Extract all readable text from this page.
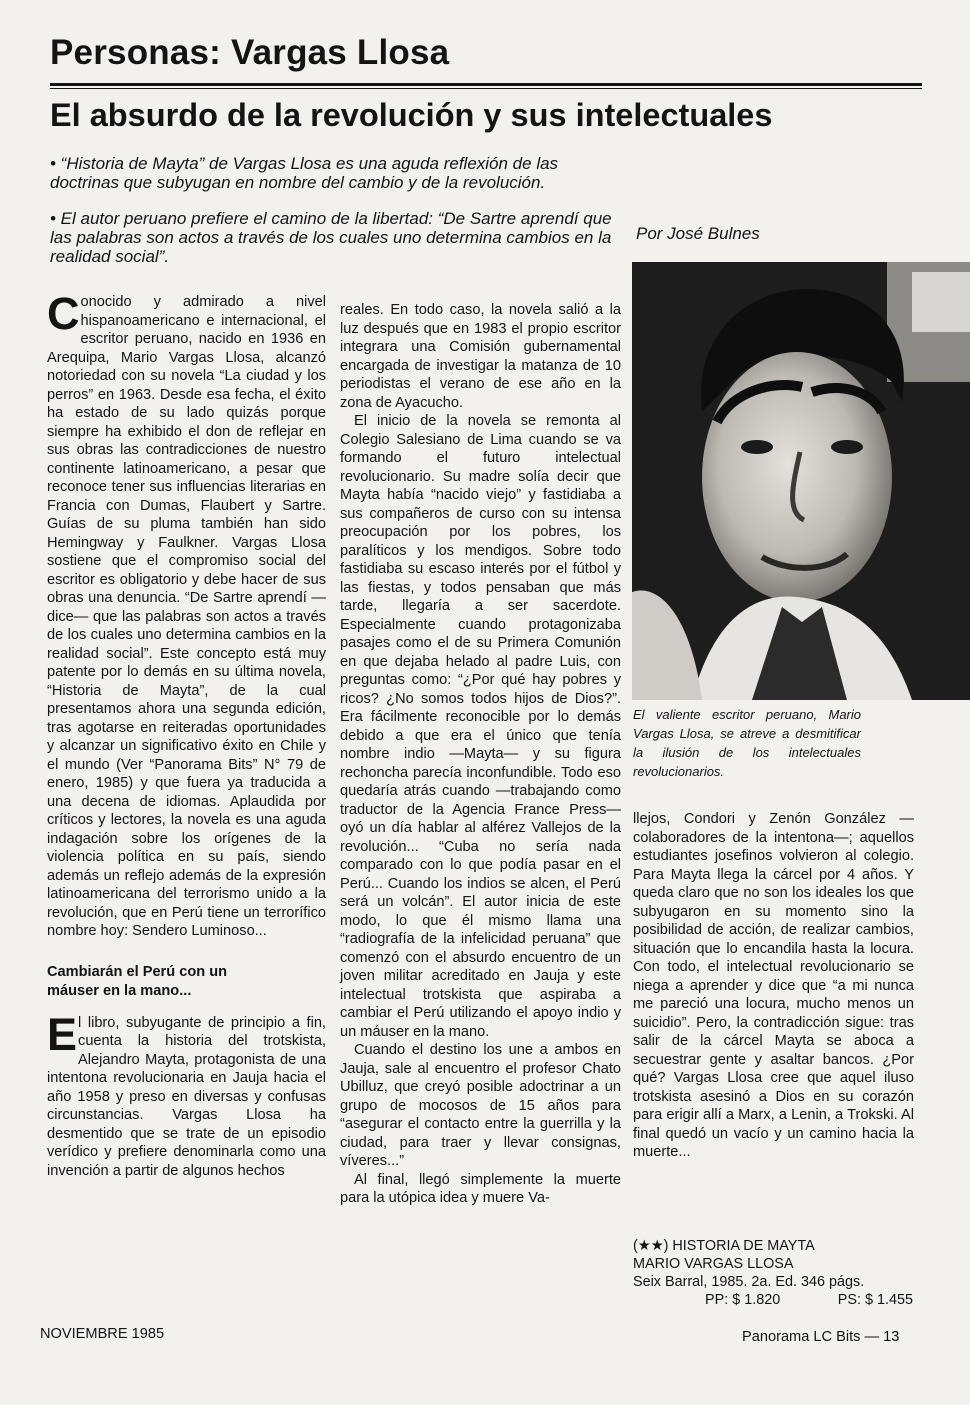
Personas: Vargas Llosa
El absurdo de la revolución y sus intelectuales

• “Historia de Mayta” de Vargas Llosa es una aguda reflexión de las doctrinas que subyugan en nombre del cambio y de la revolución.

• El autor peruano prefiere el camino de la libertad: “De Sartre aprendí que las palabras son actos a través de los cuales uno determina cambios en la realidad social”.

Por José Bulnes

El valiente escritor peruano, Mario Vargas Llosa, se atreve a desmitificar la ilusión de los intelectuales revolucionarios.

Conocido y admirado a nivel hispanoamericano e internacional, el escritor peruano, nacido en 1936 en Arequipa, Mario Vargas Llosa, alcanzó notoriedad con su novela “La ciudad y los perros” en 1963. Desde esa fecha, el éxito ha estado de su lado quizás porque siempre ha exhibido el don de reflejar en sus obras las contradicciones de nuestro continente latinoamericano, a pesar que reconoce tener sus influencias literarias en Francia con Dumas, Flaubert y Sartre. Guías de su pluma también han sido Hemingway y Faulkner. Vargas Llosa sostiene que el compromiso social del escritor es obligatorio y debe hacer de sus obras una denuncia. “De Sartre aprendí —dice— que las palabras son actos a través de los cuales uno determina cambios en la realidad social”. Este concepto está muy patente por lo demás en su última novela, “Historia de Mayta”, de la cual presentamos ahora una segunda edición, tras agotarse en reiteradas oportunidades y alcanzar un significativo éxito en Chile y el mundo (Ver “Panorama Bits” N° 79 de enero, 1985) y que fuera ya traducida a una decena de idiomas. Aplaudida por críticos y lectores, la novela es una aguda indagación sobre los orígenes de la violencia política en su país, siendo además un reflejo además de la expresión latinoamericana del terrorismo unido a la revolución, que en Perú tiene un terrorífico nombre hoy: Sendero Luminoso...

Cambiarán el Perú con un máuser en la mano...

El libro, subyugante de principio a fin, cuenta la historia del trotskista, Alejandro Mayta, protagonista de una intentona revolucionaria en Jauja hacia el año 1958 y preso en diversas y confusas circunstancias. Vargas Llosa ha desmentido que se trate de un episodio verídico y prefiere denominarla como una invención a partir de algunos hechos

reales. En todo caso, la novela salió a la luz después que en 1983 el propio escritor integrara una Comisión gubernamental encargada de investigar la matanza de 10 periodistas el verano de ese año en la zona de Ayacucho.

El inicio de la novela se remonta al Colegio Salesiano de Lima cuando se va formando el futuro intelectual revolucionario. Su madre solía decir que Mayta había “nacido viejo” y fastidiaba a sus compañeros de curso con su intensa preocupación por los pobres, los paralíticos y los mendigos. Sobre todo fastidiaba su escaso interés por el fútbol y las fiestas, y todos pensaban que más tarde, llegaría a ser sacerdote. Especialmente cuando protagonizaba pasajes como el de su Primera Comunión en que dejaba helado al padre Luis, con preguntas como: “¿Por qué hay pobres y ricos? ¿No somos todos hijos de Dios?”. Era fácilmente reconocible por lo demás debido a que era el único que tenía nombre indio —Mayta— y su figura rechoncha parecía inconfundible. Todo eso quedaría atrás cuando —trabajando como traductor de la Agencia France Press— oyó un día hablar al alférez Vallejos de la revolución... “Cuba no sería nada comparado con lo que podía pasar en el Perú... Cuando los indios se alcen, el Perú será un volcán”. El autor inicia de este modo, lo que él mismo llama una “radiografía de la infelicidad peruana” que comenzó con el absurdo encuentro de un joven militar acreditado en Jauja y este intelectual trotskista que aspiraba a cambiar el Perú utilizando el apoyo indio y un máuser en la mano.

Cuando el destino los une a ambos en Jauja, sale al encuentro el profesor Chato Ubilluz, que creyó posible adoctrinar a un grupo de mocosos de 15 años para “asegurar el contacto entre la guerrilla y la ciudad, para traer y llevar consignas, víveres...”

Al final, llegó simplemente la muerte para la utópica idea y muere Va-

llejos, Condori y Zenón González —colaboradores de la intentona—; aquellos estudiantes josefinos volvieron al colegio. Para Mayta llega la cárcel por 4 años. Y queda claro que no son los ideales los que subyugaron en su momento sino la posibilidad de acción, de realizar cambios, situación que lo encandila hasta la locura. Con todo, el intelectual revolucionario se niega a aprender y dice que “a mi nunca me pareció una locura, mucho menos un suicidio”. Pero, la contradicción sigue: tras salir de la cárcel Mayta se aboca a secuestrar gente y asaltar bancos. ¿Por qué? Vargas Llosa cree que aquel iluso trotskista asesinó a Dios en su corazón para erigir allí a Marx, a Lenin, a Trokski. Al final quedó un vacío y un camino hacia la muerte...

(★★) HISTORIA DE MAYTA
MARIO VARGAS LLOSA
Seix Barral, 1985. 2a. Ed. 346 págs.
PP: $ 1.820	PS: $ 1.455

NOVIEMBRE 1985	Panorama LC Bits — 13
